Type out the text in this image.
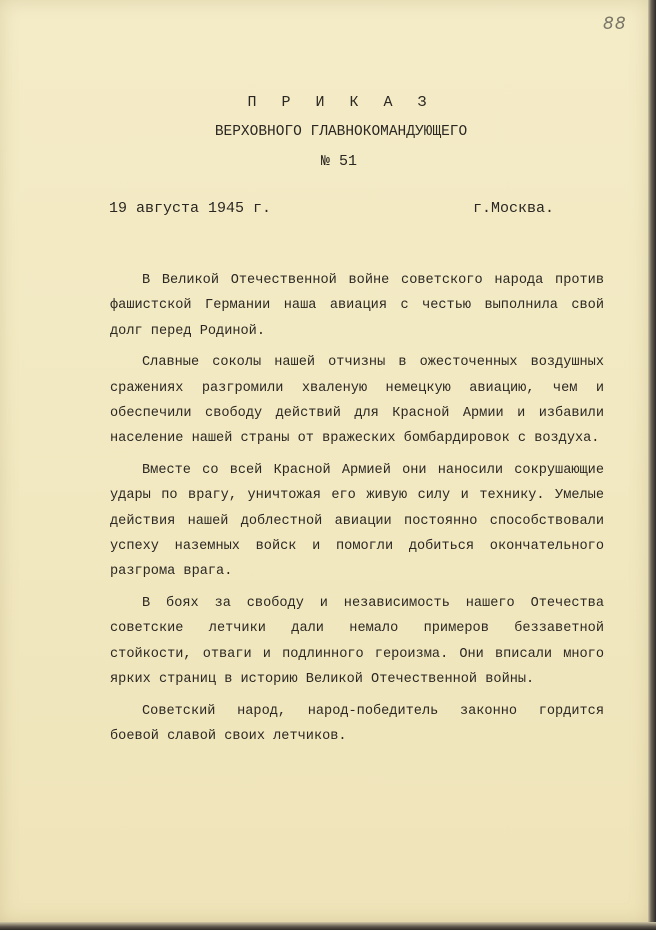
88
П Р И К А З
ВЕРХОВНОГО ГЛАВНОКОМАНДУЮЩЕГО
№ 51
19 августа 1945 г.	г.Москва.

В Великой Отечественной войне советского народа против фашистской Германии наша авиация с честью выполнила свой долг перед Родиной.

Славные соколы нашей отчизны в ожесточенных воздушных сражениях разгромили хваленую немецкую авиацию, чем и обеспечили свободу действий для Красной Армии и избавили население нашей страны от вражеских бомбардировок с воздуха.

Вместе со всей Красной Армией они наносили сокрушающие удары по врагу, уничтожая его живую силу и технику. Умелые действия нашей доблестной авиации постоянно способствовали успеху наземных войск и помогли добиться окончательного разгрома врага.

В боях за свободу и независимость нашего Отечества советские летчики дали немало примеров беззаветной стойкости, отваги и подлинного героизма. Они вписали много ярких страниц в историю Великой Отечественной войны.

Советский народ, народ-победитель законно гордится боевой славой своих летчиков.
